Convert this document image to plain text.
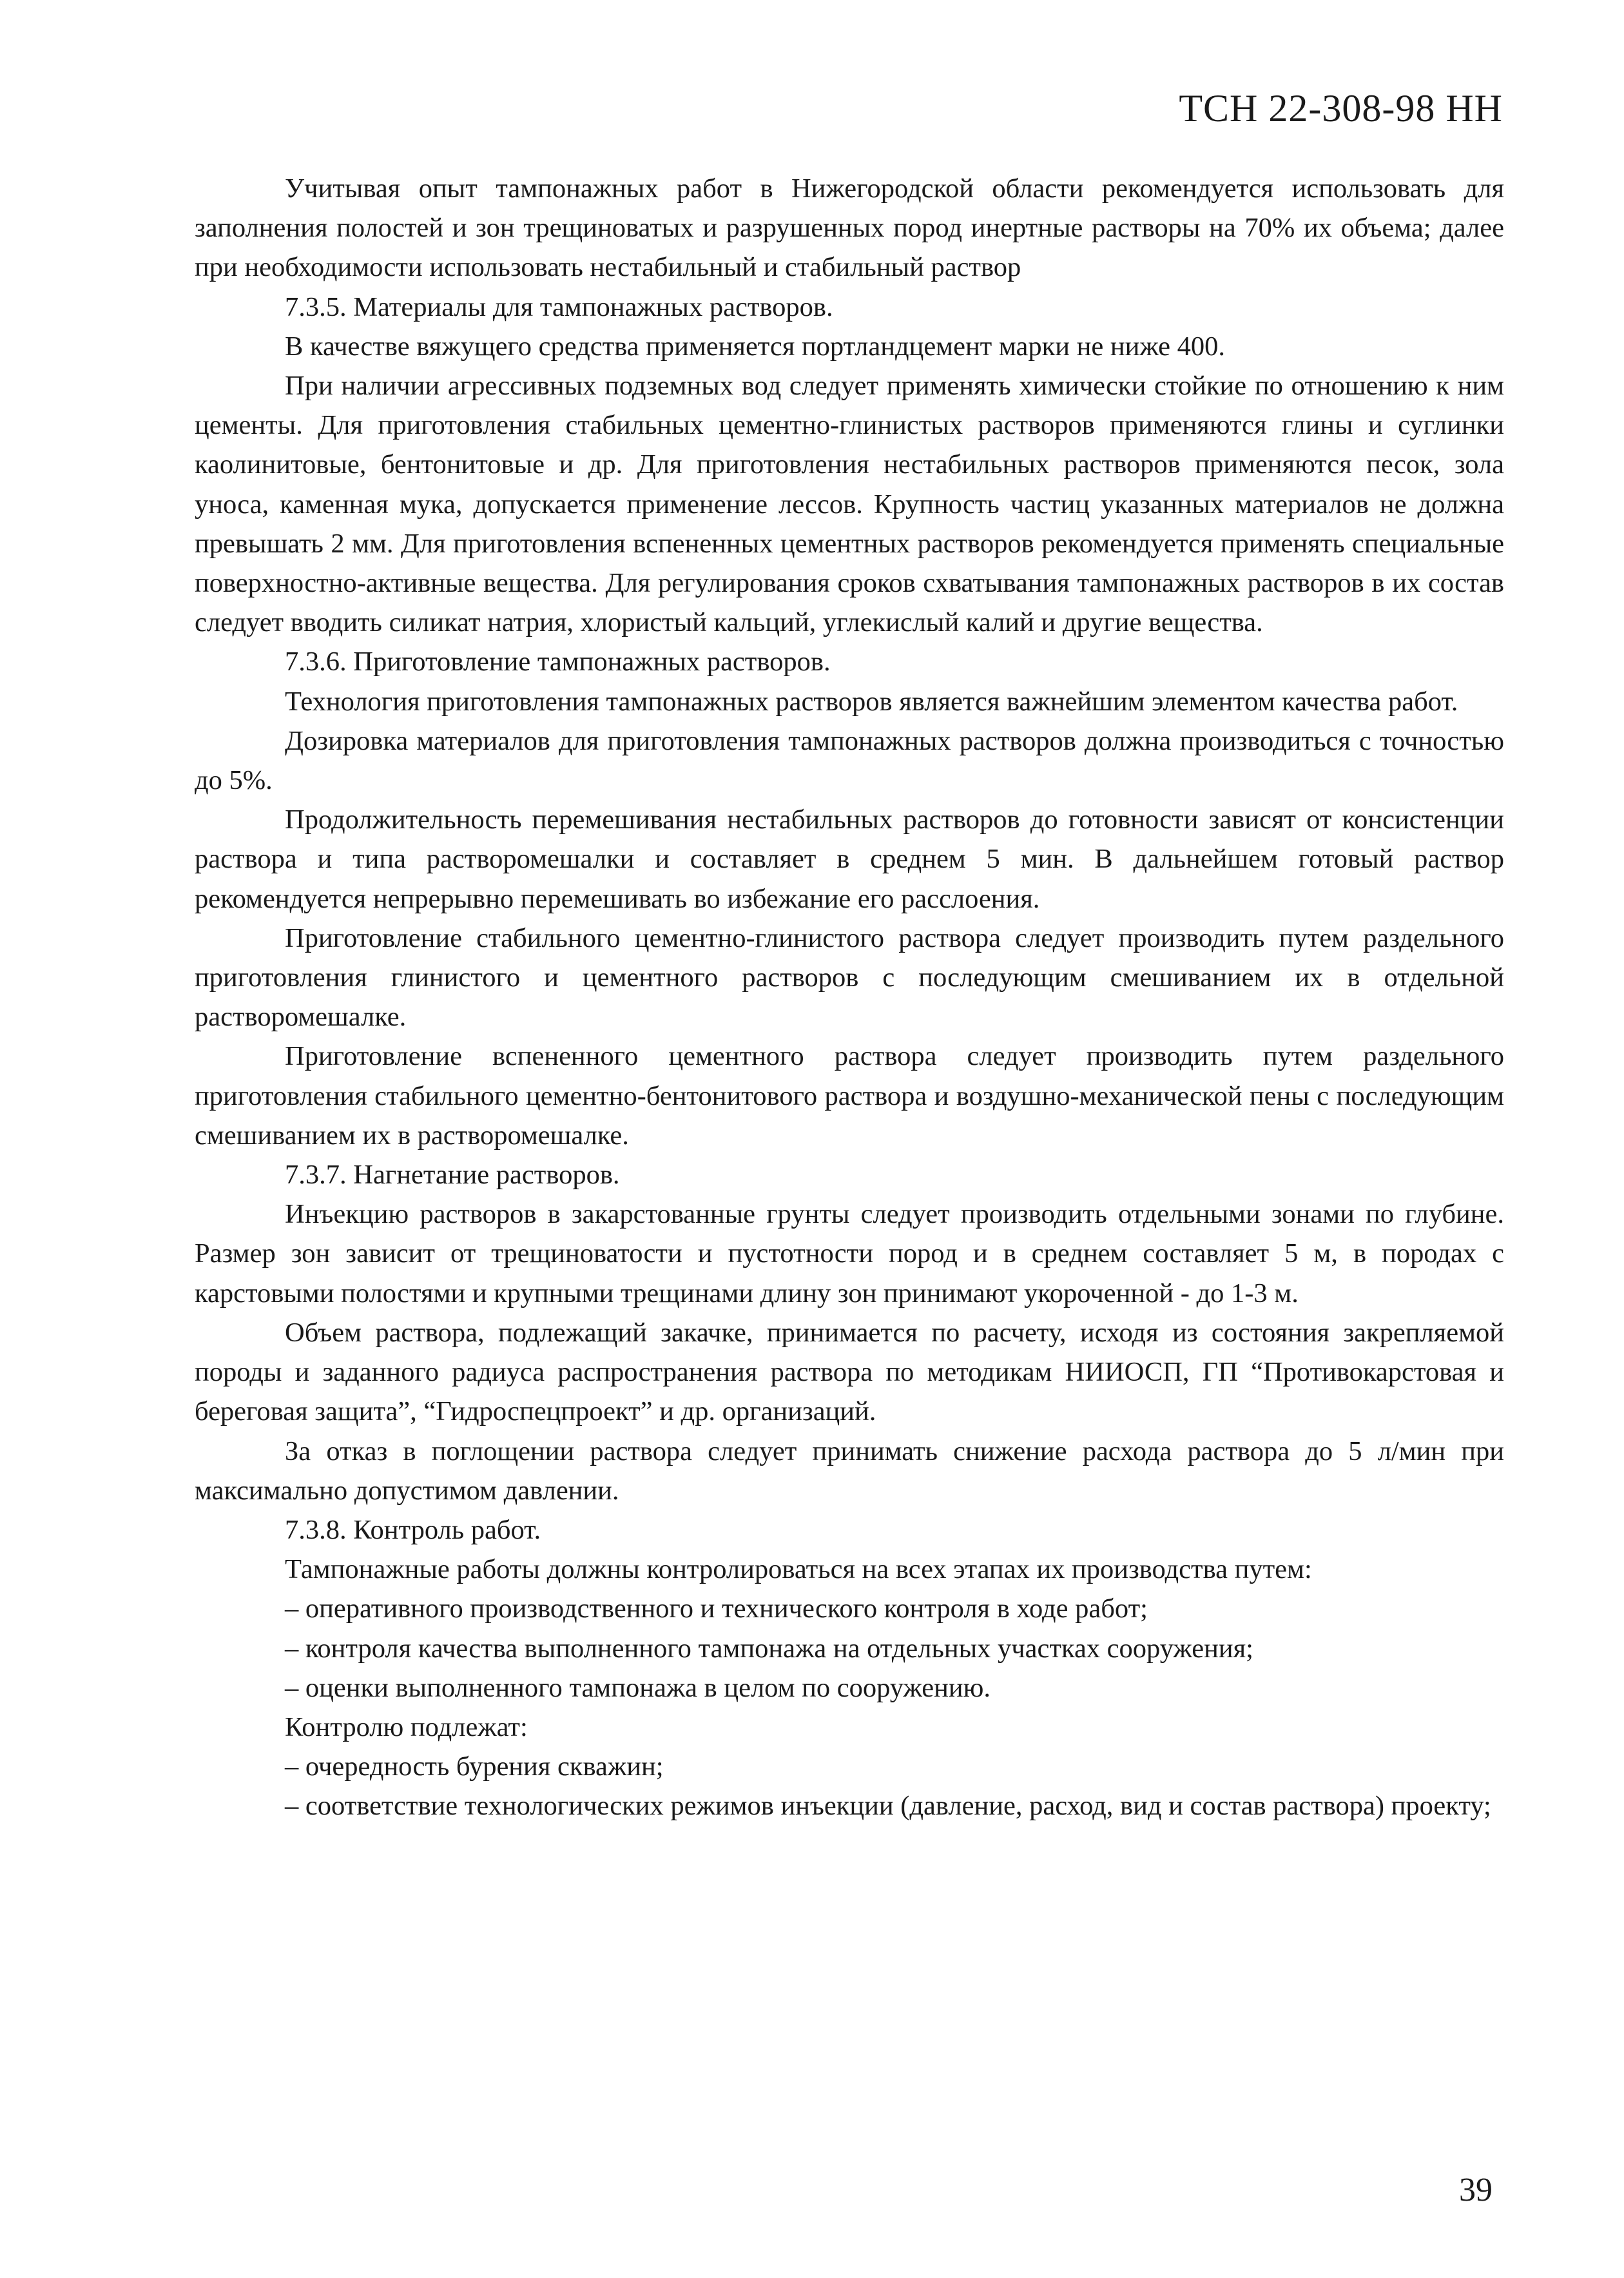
ТСН 22-308-98 НН

Учитывая опыт тампонажных работ в Нижегородской области рекомендуется использовать для заполнения полостей и зон трещиноватых и разрушенных пород инертные растворы на 70% их объема; далее при необходимости использовать нестабильный и стабильный раствор

7.3.5. Материалы для тампонажных растворов.

В качестве вяжущего средства применяется портландцемент марки не ниже 400.

При наличии агрессивных подземных вод следует применять химически стойкие по отношению к ним цементы. Для приготовления стабильных цементно-глинистых растворов применяются глины и суглинки каолинитовые, бентонитовые и др. Для приготовления нестабильных растворов применяются песок, зола уноса, каменная мука, допускается применение лессов. Крупность частиц указанных материалов не должна превышать 2 мм. Для приготовления вспененных цементных растворов рекомендуется применять специальные поверхностно-активные вещества. Для регулирования сроков схватывания тампонажных растворов в их состав следует вводить силикат натрия, хлористый кальций, углекислый калий и другие вещества.

7.3.6. Приготовление тампонажных растворов.

Технология приготовления тампонажных растворов является важнейшим элементом качества работ.

Дозировка материалов для приготовления тампонажных растворов должна производиться с точностью до 5%.

Продолжительность перемешивания нестабильных растворов до готовности зависят от консистенции раствора и типа растворомешалки и составляет в среднем 5 мин. В дальнейшем готовый раствор рекомендуется непрерывно перемешивать во избежание его расслоения.

Приготовление стабильного цементно-глинистого раствора следует производить путем раздельного приготовления глинистого и цементного растворов с последующим смешиванием их в отдельной растворомешалке.

Приготовление вспененного цементного раствора следует производить путем раздельного приготовления стабильного цементно-бентонитового раствора и воздушно-механической пены с последующим смешиванием их в растворомешалке.

7.3.7. Нагнетание растворов.

Инъекцию растворов в закарстованные грунты следует производить отдельными зонами по глубине. Размер зон зависит от трещиноватости и пустотности пород и в среднем составляет 5 м, в породах с карстовыми полостями и крупными трещинами длину зон принимают укороченной - до 1-3 м.

Объем раствора, подлежащий закачке, принимается по расчету, исходя из состояния закрепляемой породы и заданного радиуса распространения раствора по методикам НИИОСП, ГП “Противокарстовая и береговая защита”, “Гидроспецпроект” и др. организаций.

За отказ в поглощении раствора следует принимать снижение расхода раствора до 5 л/мин при максимально допустимом давлении.

7.3.8. Контроль работ.

Тампонажные работы должны контролироваться на всех этапах их производства путем:

– оперативного производственного и технического контроля в ходе работ;

– контроля качества выполненного тампонажа на отдельных участках сооружения;

– оценки выполненного тампонажа в целом по сооружению.

Контролю подлежат:

– очередность бурения скважин;

– соответствие технологических режимов инъекции (давление, расход, вид и состав раствора) проекту;

39
